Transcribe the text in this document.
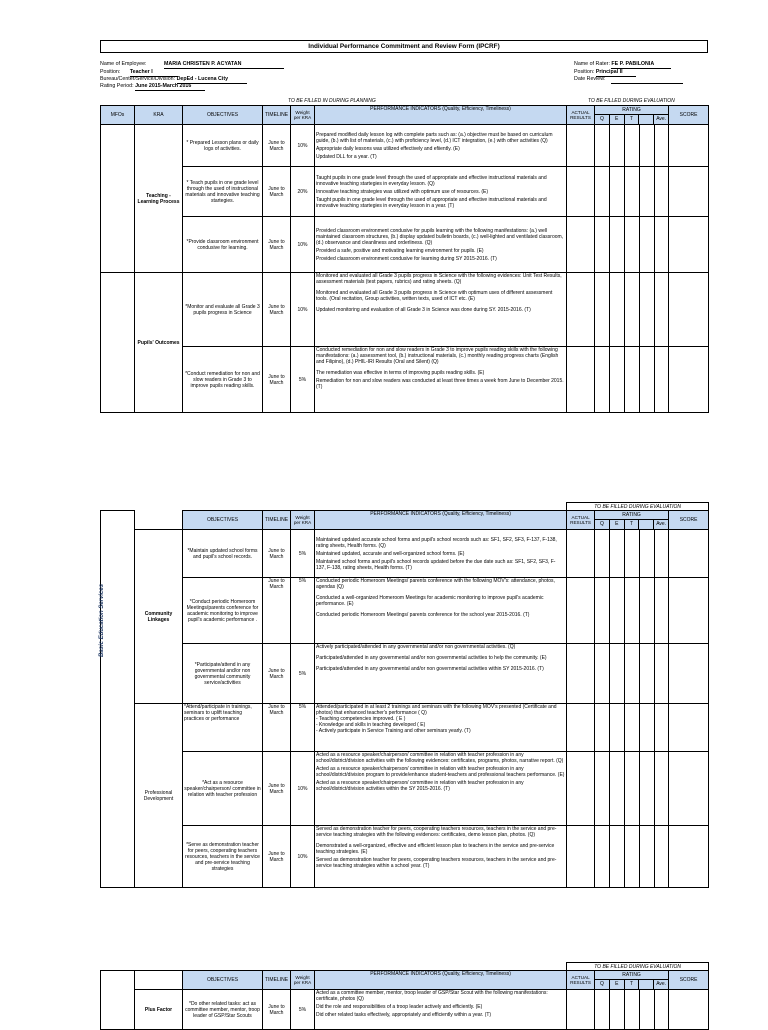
Individual Performance Commitment and Review Form (IPCRF)
Name of Employee:	MARIA CHRISTEN P. ACYATAN
Position: Teacher I
Bureau/Center/Service/Division: DepEd - Lucena City
Rating Period: June 2015-March 2016
Name of Rater: FE P. PABILONIA
Position: Principal II
Date Review:
TO BE FILLED IN DURING PLANNING	TO BE FILLED DURING EVALUATION
MFOs	KRA	OBJECTIVES	TIMELINE	Weight per KRA	PERFORMANCE INDICATORS (Quality, Efficiency, Timeliness)	ACTUAL RESULTS	RATING
Q E T Ave.					SCORE
	Teaching -Learning Process	* Prepared Lesson plans or daily logs of activities.	June to March	10%	Prepared modified daily lesson log with complete parts such as: (a.) objective must be based on curriculum guide, (b.) with list of materials, (c.) with proficiency level, (d.) ICT integration, (e.) with other activities (Q)

Appropriate daily lessons was utilized effectively and efiiently. (E)

Updated DLL for a year. (T)							

		* Teach pupils in one grade level through the used of instructional materials and innovative teaching startegies.	June to March	20%	Taught pupils in one grade level through the used of appropriate and effective instructional materials and innovative teaching startegies in everyday lesson. (Q)

Innovative teaching strategies was utilized with optimum use of resources. (E)

Taught pupils in one grade level through the used of appropriate and effective instructional materials and innovative teaching startegies in everyday lesson in a year. (T)							

		*Provide classroom environment condusive for learning.	June to March	10%	Provided classroom environment condusive for pupils learning with the following manifestations: (a.) well maintained classroom structures, (b.) display updated bulletin boards, (c.) well-lighted and ventilated classroom, (d.) observance and cleanliness and orderliness. (Q)

Provided a safe, positive and motivating learning environment for pupils. (E)

Provided classroom environment condusive for learning during SY 2015-2016. (T)							

	Pupils' Outcomes	*Monitor and evaluate all Grade 3 pupils progress in Science	June to March	10%	Monitored and evaluated all Grade 3 pupils progress in Science with the following evidences: Unit Test Results, assessment materials (test papers, rubrics) and rating sheets. (Q)

Monitored and evaluated all Grade 3 pupils progress in Science with optimum uses of different assessment tools. (Oral recitation, Group activities, written texts, used of ICT etc. (E)

Updated monitoring and evaluation of all Grade 3 in Science was done during SY. 2015-2016. (T)							

		*Conduct remediation for non and slow readers in Grade 3 to improve pupils reading skills.	June to March	5%	Conducted remediation for non and slow readers in Grade 3 to improve pupils reading skills with the following manifestations: (a.) assessment tool, (b.) instructional materials, (c.) monthly reading progress charts (English and Filipino), (d.) PHIL-IRI Results (Oral and Silent) (Q)

The remediation was effective in terms of improving pupils reading skills. (E)

Remediation for non and slow readers was conducted at least three times a week from June to December 2015. (T)							

Basic Education Services
						TO BE FILLED DURING EVALUATION						
		OBJECTIVES	TIMELINE	Weight per KRA	PERFORMANCE INDICATORS (Quality, Efficiency, Timeliness)	ACTUAL RESULTS	RATING
Q E T Ave.					SCORE
	Community Linkages	*Maintain updated school forms and pupil's school records.	June to March	5%	Maintained updated accurate school forms and pupil's school records such as: SF1, SF2, SF3, F-137, F-138, rating sheets, Health forms. (Q)

Maintained updated, accurate and well-organized school forms. (E)

Maintained school forms and pupil's school records updated before the due date such as: SF1, SF2, SF3, F-137, F-138, rating sheets, Health forms. (T)							

		*Conduct periodic Homeroom Meetings/parents conference for academic monitoring to improve pupil's academic performance .	June to March	5%	Conducted periodic Homeroom Meetings/ parents conference with the following MOV's: attendance, photos, agendas (Q)

Conducted a well-organized Homeroom Meetings for academic monitoring to improve pupil's academic performance. (E)

Conducted periodic Homeroom Meetings/ parents conference for the school year 2015-2016. (T)							

		*Participate/attend in any governmental and/or non governmental community service/activities	June to March	5%	Actively participated/attended in any governmental and/or non governmental activities. (Q)

Participated/attended in any governmental and/or non governmental activities to help the community. (E)

Participated/attended in any governmental and/or non governmental activities within SY 2015-2016. (T)							

	Professional Development	*Attend/participate in trainings, seminars to uplift teaching practices or performance	June to March	5%	Attended/participated in at least 2 trainings and seminars with the following MOV's presented (Certificate and photos) that enhanced teacher's performance ( Q)

- Teaching competencies improved. ( E )

- Knowledge and skills in teaching developed ( E)

- Actively participate in Service Training and other seminars yearly. (T)							

		*Act as a resource speaker/chairperson/ committee in relation with teacher profession	June to March	10%	Acted as a resource speaker/chairperson/ committee in relation with teacher profession in any school/district/division activities with the following evidences: certificates, programs, photos, narrative report. (Q)

Acted as a resource speaker/chairperson/ committee in relation with teacher profession in any school/district/division program to provide/enhance student-teachers and professional teachers performance. (E)

Acted as a resource speaker/chairperson/ committee in relation with teacher profession in any school/district/division activities within the SY 2015-2016. (T)							

		*Serve as demonstration teacher for peers, cooperating teachers resources, teachers in the service and pre-service teaching strategies	June to March	10%	Served as demonstration teacher for peers, cooperating teachers resources, teachers in the service and pre-service teaching strategies with the following evidences: certificates, demo lesson plan, photos. (Q)

Demonstrated a well-organized, effective and efficient lesson plan to teachers in the service and pre-service teaching strategies. (E)

Served as demonstration teacher for peers, cooperating teachers resources, teachers in the service and pre-service teaching strategies within a school year. (T)							

						TO BE FILLED DURING EVALUATION						
		OBJECTIVES	TIMELINE	Weight per KRA	PERFORMANCE INDICATORS (Quality, Efficiency, Timeliness)	ACTUAL RESULTS	RATING
Q E T Ave.					SCORE
	Plus Factor	*Do other related tasks: act as committee member, mentor, troop leader of GSP/Star Scouts	June to March	5%	Acted as a committee member, mentor, troop leader of GSP/Star Scout with the following manifestations: certificate, photos (Q)

Did the role and responsibilities of a troop leader actively and efficiently. (E)

Did other related tasks effectively, appropriately and efficiently within a year. (T)							
